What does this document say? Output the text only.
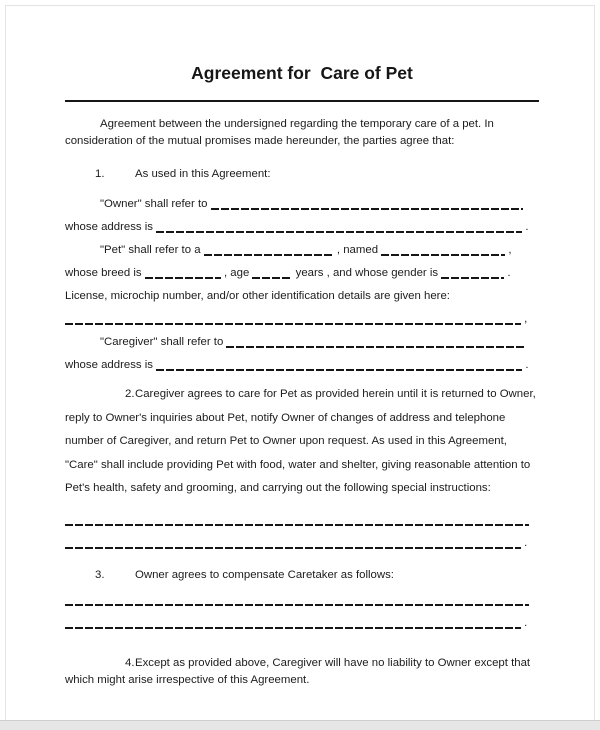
Agreement for  Care of Pet

Agreement between the undersigned regarding the temporary care of a pet. In consideration of the mutual promises made hereunder, the parties agree that:

1.	As used in this Agreement:
"Owner" shall refer to
whose address is	.
"Pet" shall refer to a	, named	,
whose breed is	, age	years , and whose gender is	.
License, microchip number, and/or other identification details are given here:
,
"Caregiver" shall refer to
whose address is	.

2.Caregiver agrees to care for Pet as provided herein until it is returned to Owner, reply to Owner's inquiries about Pet, notify Owner of changes of address and telephone number of Caregiver, and return Pet to Owner upon request. As used in this Agreement, "Care" shall include providing Pet with food, water and shelter, giving reasonable attention to Pet's health, safety and grooming, and carrying out the following special instructions:

.
3.	Owner agrees to compensate Caretaker as follows:
.

4.Except as provided above, Caregiver will have no liability to Owner except that which might arise irrespective of this Agreement.
